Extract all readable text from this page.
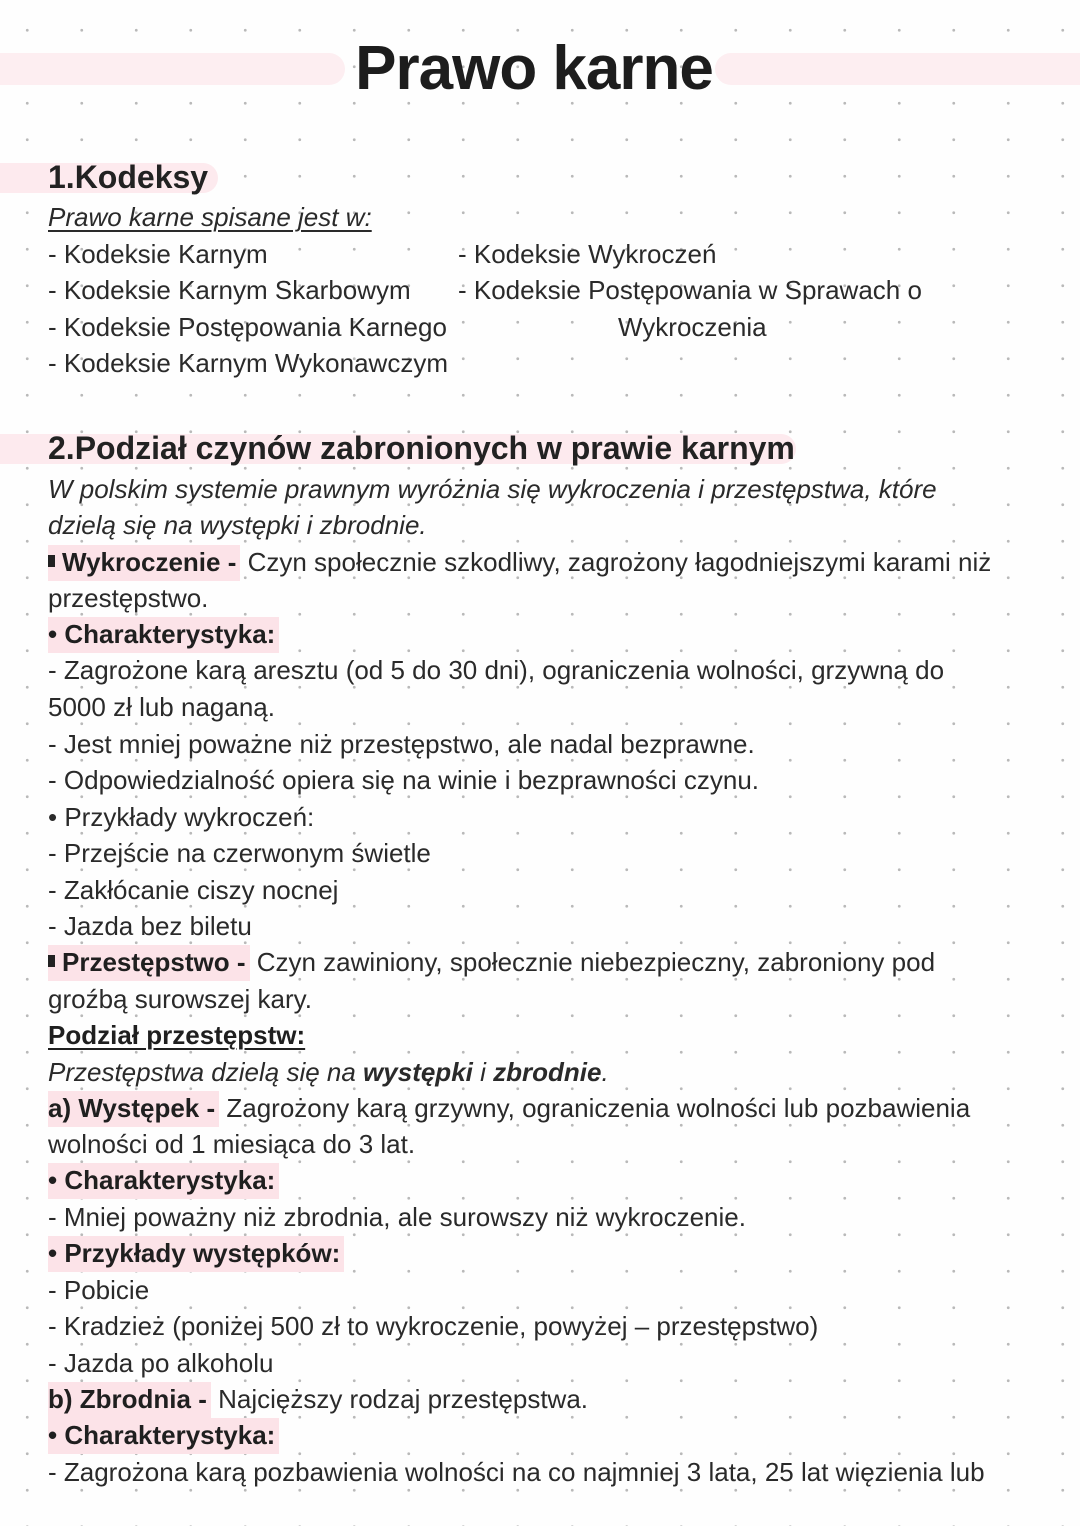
Prawo karne
1.Kodeksy
Prawo karne spisane jest w:
- Kodeksie Karnym
- Kodeksie Karnym Skarbowym
- Kodeksie Postępowania Karnego
- Kodeksie Karnym Wykonawczym
- Kodeksie Wykroczeń
- Kodeksie Postępowania w Sprawach o
Wykroczenia
2.Podział czynów zabronionych w prawie karnym
W polskim systemie prawnym wyróżnia się wykroczenia i przestępstwa, które
dzielą się na występki i zbrodnie.
Wykroczenie - Czyn społecznie szkodliwy, zagrożony łagodniejszymi karami niż
przestępstwo.
• Charakterystyka:
- Zagrożone karą aresztu (od 5 do 30 dni), ograniczenia wolności, grzywną do
5000 zł lub naganą.
- Jest mniej poważne niż przestępstwo, ale nadal bezprawne.
- Odpowiedzialność opiera się na winie i bezprawności czynu.
• Przykłady wykroczeń:
- Przejście na czerwonym świetle
- Zakłócanie ciszy nocnej
- Jazda bez biletu
Przestępstwo - Czyn zawiniony, społecznie niebezpieczny, zabroniony pod
groźbą surowszej kary.
Podział przestępstw:
Przestępstwa dzielą się na występki i zbrodnie.
a) Występek - Zagrożony karą grzywny, ograniczenia wolności lub pozbawienia
wolności od 1 miesiąca do 3 lat.
• Charakterystyka:
- Mniej poważny niż zbrodnia, ale surowszy niż wykroczenie.
• Przykłady występków:
- Pobicie
- Kradzież (poniżej 500 zł to wykroczenie, powyżej – przestępstwo)
- Jazda po alkoholu
b) Zbrodnia - Najcięższy rodzaj przestępstwa.
• Charakterystyka:
- Zagrożona karą pozbawienia wolności na co najmniej 3 lata, 25 lat więzienia lub
